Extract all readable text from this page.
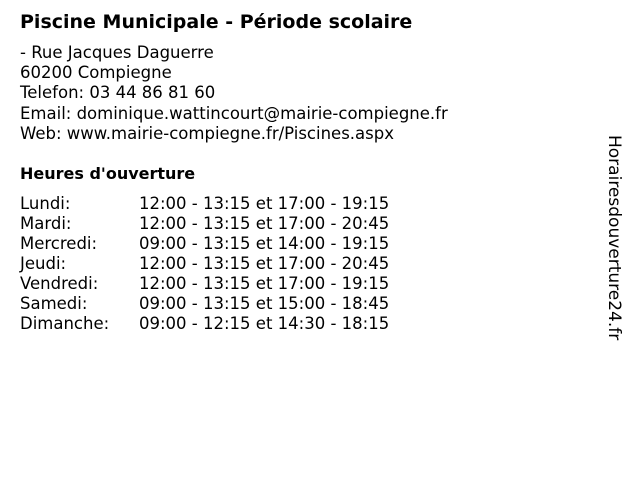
Piscine Municipale - Période scolaire
- Rue Jacques Daguerre
60200 Compiegne
Telefon: 03 44 86 81 60
Email: dominique.wattincourt@mairie-compiegne.fr
Web: www.mairie-compiegne.fr/Piscines.aspx
Heures d'ouverture
Lundi:	12:00 - 13:15 et 17:00 - 19:15
Mardi:	12:00 - 13:15 et 17:00 - 20:45
Mercredi:	09:00 - 13:15 et 14:00 - 19:15
Jeudi:	12:00 - 13:15 et 17:00 - 20:45
Vendredi: 12:00 - 13:15 et 17:00 - 19:15
Samedi:	09:00 - 13:15 et 15:00 - 18:45
Dimanche: 09:00 - 12:15 et 14:30 - 18:15	Horairesdouverture24.fr
